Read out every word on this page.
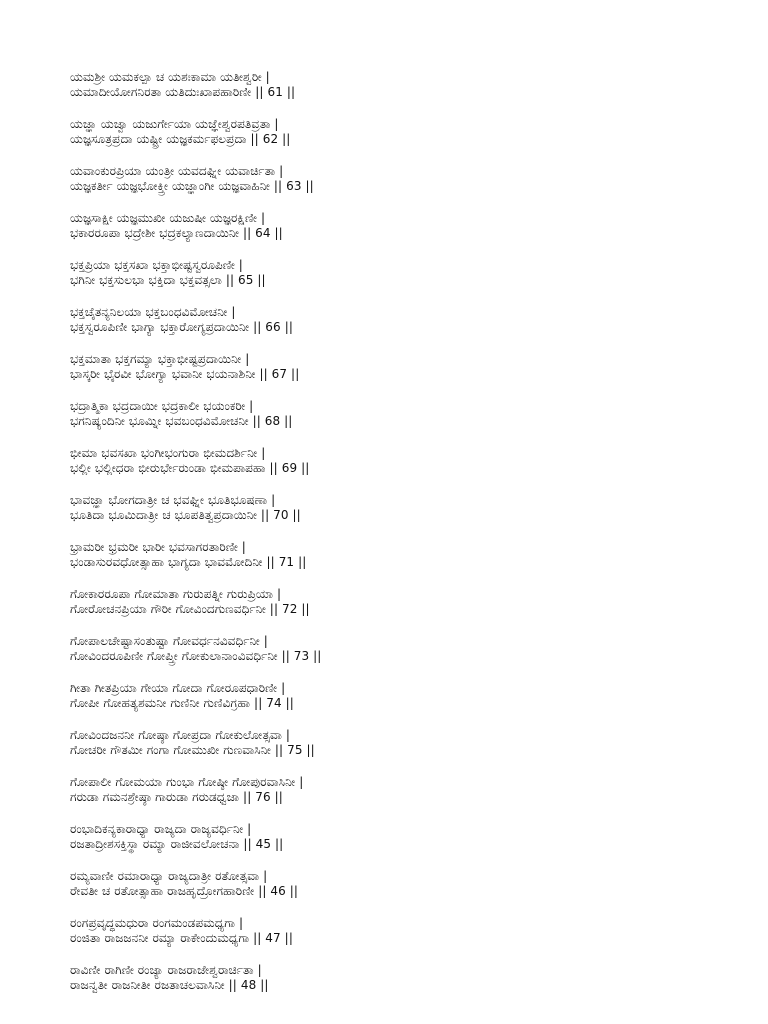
ಯಮಶ್ರೀ ಯಮಕಲ್ಪಾ ಚ ಯಶಃಕಾಮಾ ಯತೀಶ್ವರೀ |
ಯಮಾದೀಯೋಗನಿರತಾ ಯತಿದುಃಖಾಪಹಾರಿಣೀ || 61 ||
ಯಜ್ಞಾ ಯಜ್ವಾ ಯಜುರ್ಗೇಯಾ ಯಜ್ಞೇಶ್ವರಪತಿವ್ರತಾ |
ಯಜ್ಞಸೂತ್ರಪ್ರದಾ ಯಷ್ಟ್ರೀ ಯಜ್ಞಕರ್ಮಫಲಪ್ರದಾ || 62 ||
ಯವಾಂಕುರಪ್ರಿಯಾ ಯಂತ್ರೀ ಯವದಘ್ನೀ ಯವಾರ್ಚಿತಾ |
ಯಜ್ಞಕರ್ತೀ ಯಜ್ಞಭೋಕ್ತ್ರೀ ಯಜ್ಞಾಂಗೀ ಯಜ್ಞವಾಹಿನೀ || 63 ||
ಯಜ್ಞಸಾಕ್ಷೀ ಯಜ್ಞಮುಖೀ ಯಜುಷೀ ಯಜ್ಞರಕ್ಷಿಣೀ |
ಭಕಾರರೂಪಾ ಭದ್ರೇಶೀ ಭದ್ರಕಲ್ಯಾಣದಾಯಿನೀ || 64 ||
ಭಕ್ತಪ್ರಿಯಾ ಭಕ್ತಸಖಾ ಭಕ್ತಾಭೀಷ್ಟಸ್ವರೂಪಿಣೀ |
ಭಗಿನೀ ಭಕ್ತಸುಲಭಾ ಭಕ್ತಿದಾ ಭಕ್ತವತ್ಸಲಾ || 65 ||
ಭಕ್ತಚೈತನ್ಯನಿಲಯಾ ಭಕ್ತಬಂಧವಿಮೋಚನೀ |
ಭಕ್ತಸ್ವರೂಪಿಣೀ ಭಾಗ್ಯಾ ಭಕ್ತಾರೋಗ್ಯಪ್ರದಾಯಿನೀ || 66 ||
ಭಕ್ತಮಾತಾ ಭಕ್ತಗಮ್ಯಾ ಭಕ್ತಾಭೀಷ್ಟಪ್ರದಾಯಿನೀ |
ಭಾಸ್ಕರೀ ಭೈರವೀ ಭೋಗ್ಯಾ ಭವಾನೀ ಭಯನಾಶಿನೀ || 67 ||
ಭದ್ರಾತ್ಮಿಕಾ ಭದ್ರದಾಯೀ ಭದ್ರಕಾಲೀ ಭಯಂಕರೀ |
ಭಗನಿಷ್ಯಂದಿನೀ ಭೂಮ್ನೀ ಭವಬಂಧವಿಮೋಚನೀ || 68 ||
ಭೀಮಾ ಭವಸಖಾ ಭಂಗೀಭಂಗುರಾ ಭೀಮದರ್ಶಿನೀ |
ಭಲ್ಲೀ ಭಲ್ಲೀಧರಾ ಭೀರುರ್ಭೇರುಂಡಾ ಭೀಮಪಾಪಹಾ || 69 ||
ಭಾವಜ್ಞಾ ಭೋಗದಾತ್ರೀ ಚ ಭವಘ್ನೀ ಭೂತಿಭೂಷಣಾ |
ಭೂತಿದಾ ಭೂಮಿದಾತ್ರೀ ಚ ಭೂಪತಿತ್ವಪ್ರದಾಯಿನೀ || 70 ||
ಭ್ರಾಮರೀ ಭ್ರಮರೀ ಭಾರೀ ಭವಸಾಗರತಾರಿಣೀ |
ಭಂಡಾಸುರವಧೋತ್ಸಾಹಾ ಭಾಗ್ಯದಾ ಭಾವಮೋದಿನೀ || 71 ||
ಗೋಕಾರರೂಪಾ ಗೋಮಾತಾ ಗುರುಪತ್ನೀ ಗುರುಪ್ರಿಯಾ |
ಗೋರೋಚನಪ್ರಿಯಾ ಗೌರೀ ಗೋವಿಂದಗುಣವರ್ಧಿನೀ || 72 ||
ಗೋಪಾಲಚೇಷ್ಟಾಸಂತುಷ್ಟಾ ಗೋವರ್ಧನವಿವರ್ಧಿನೀ |
ಗೋವಿಂದರೂಪಿಣೀ ಗೋಪ್ತ್ರೀ ಗೋಕುಲಾನಾಂವಿವರ್ಧಿನೀ || 73 ||
ಗೀತಾ ಗೀತಪ್ರಿಯಾ ಗೇಯಾ ಗೋದಾ ಗೋರೂಪಧಾರಿಣೀ |
ಗೋಪೀ ಗೋಹತ್ಯಶಮನೀ ಗುಣಿನೀ ಗುಣಿವಿಗ್ರಹಾ || 74 ||
ಗೋವಿಂದಜನನೀ ಗೋಷ್ಠಾ ಗೋಪ್ರದಾ ಗೋಕುಲೋತ್ಸವಾ |
ಗೋಚರೀ ಗೌತಮೀ ಗಂಗಾ ಗೋಮುಖೀ ಗುಣವಾಸಿನೀ || 75 ||
ಗೋಪಾಲೀ ಗೋಮಯಾ ಗುಂಭಾ ಗೋಷ್ಠೀ ಗೋಪುರವಾಸಿನೀ |
ಗರುಡಾ ಗಮನಶ್ರೇಷ್ಠಾ ಗಾರುಡಾ ಗರುಡಧ್ವಜಾ || 76 ||
ರಂಭಾದಿಕನ್ಯಕಾರಾಧ್ಯಾ ರಾಜ್ಯದಾ ರಾಜ್ಯವರ್ಧಿನೀ |
ರಜತಾದ್ರೀಶಸಕ್ತಿಸ್ಥಾ ರಮ್ಯಾ ರಾಜೀವಲೋಚನಾ || 45 ||
ರಮ್ಯವಾಣೀ ರಮಾರಾಧ್ಯಾ ರಾಜ್ಯದಾತ್ರೀ ರತೋತ್ಸವಾ |
ರೇವತೀ ಚ ರತೋತ್ಸಾಹಾ ರಾಜಹೃದ್ರೋಗಹಾರಿಣೀ || 46 ||
ರಂಗಪ್ರವೃದ್ಧಮಧುರಾ ರಂಗಮಂಡಪಮಧ್ಯಗಾ |
ರಂಜಿತಾ ರಾಜಜನನೀ ರಮ್ಯಾ ರಾಕೇಂದುಮಧ್ಯಗಾ || 47 ||
ರಾವಿಣೀ ರಾಗಿಣೀ ರಂಜ್ಯಾ ರಾಜರಾಜೇಶ್ವರಾರ್ಚಿತಾ |
ರಾಜನ್ವತೀ ರಾಜನೀತೀ ರಜತಾಚಲವಾಸಿನೀ || 48 ||
